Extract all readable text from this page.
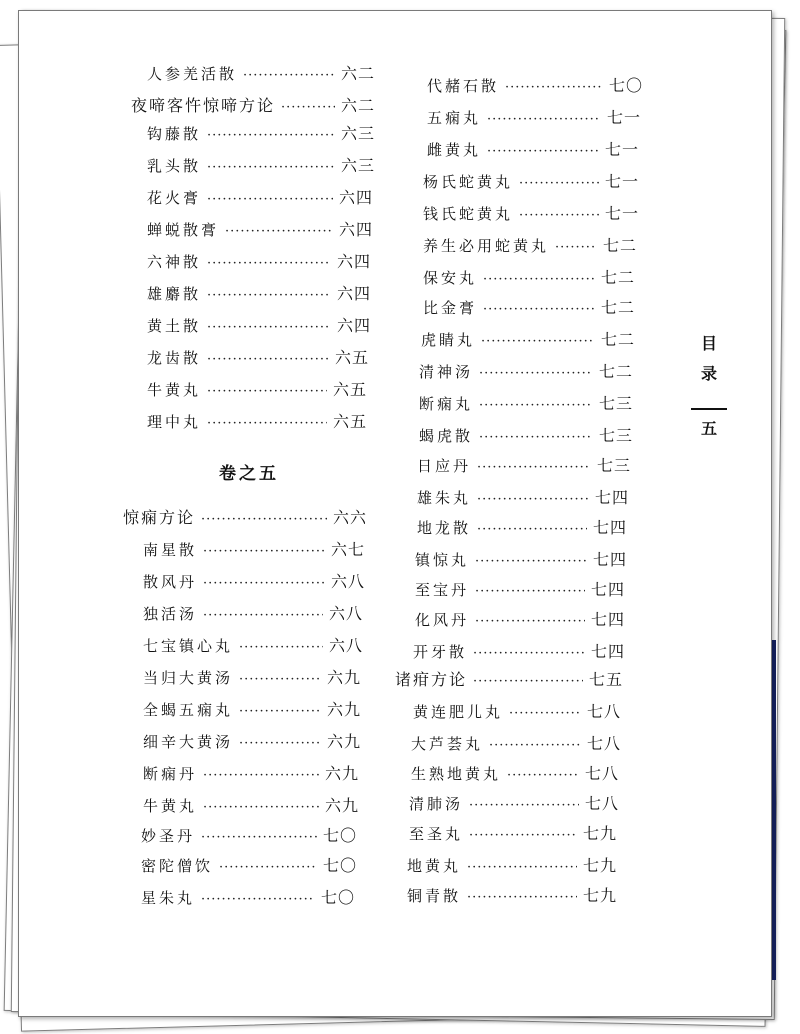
人参羌活散 ·····	六二
夜啼客忤惊啼方论 ·····	六二
钩藤散 ·····	六三
乳头散 ·····	六三
花火膏 ·····	六四
蝉蜕散膏 ·····	六四
六神散 ·····	六四
雄麝散 ·····	六四
黄土散 ·····	六四
龙齿散 ·····	六五
牛黄丸 ·····	六五
理中丸 ·····	六五
卷之五
惊痫方论 ·····	六六
南星散 ·····	六七
散风丹 ·····	六八
独活汤 ·····	六八
七宝镇心丸 ·····	六八
当归大黄汤 ·····	六九
全蝎五痫丸 ·····	六九
细辛大黄汤 ·····	六九
断痫丹 ·····	六九
牛黄丸 ·····	六九
妙圣丹 ·····	七〇
密陀僧饮 ·····	七〇
星朱丸 ·····	七〇
代赭石散 ·····	七〇
五痫丸 ·····	七一
雌黄丸 ·····	七一
杨氏蛇黄丸 ·····	七一
钱氏蛇黄丸 ·····	七一
养生必用蛇黄丸 ·····	七二
保安丸 ·····	七二
比金膏 ·····	七二
虎睛丸 ·····	七二
清神汤 ·····	七二
断痫丸 ·····	七三
蝎虎散 ·····	七三
日应丹 ·····	七三
雄朱丸 ·····	七四
地龙散 ·····	七四
镇惊丸 ·····	七四
至宝丹 ·····	七四
化风丹 ·····	七四
开牙散 ·····	七四
诸疳方论 ·····	七五
黄连肥儿丸 ·····	七八
大芦荟丸 ·····	七八
生熟地黄丸 ·····	七八
清肺汤 ·····	七八
至圣丸 ·····	七九
地黄丸 ·····	七九
铜青散 ·····	七九
目
录
五
